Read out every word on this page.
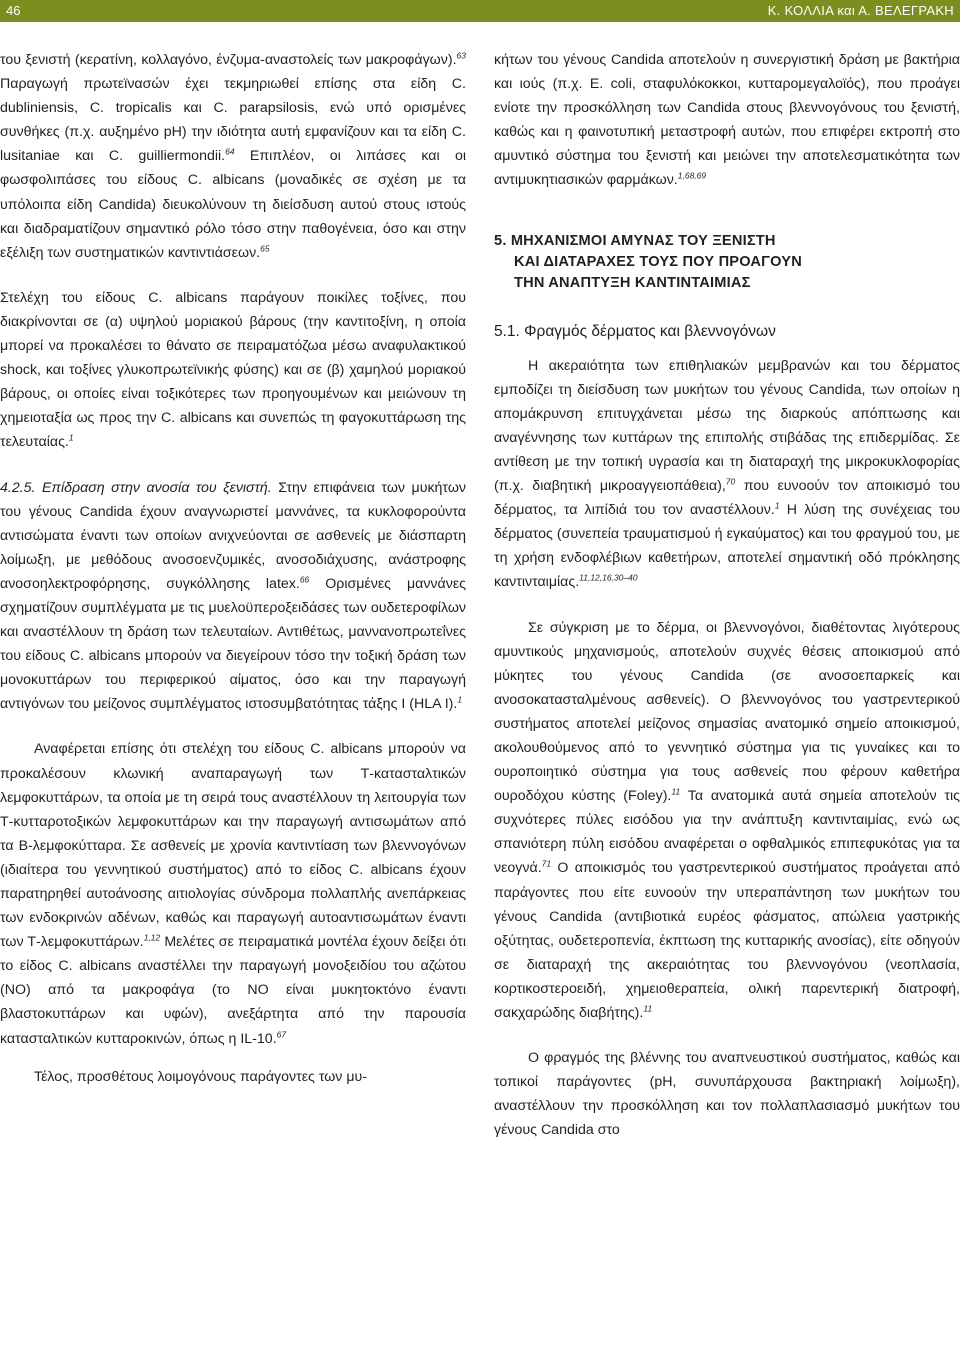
46	Κ. ΚΟΛΛΙΑ και Α. ΒΕΛΕΓΡΑΚΗ

του ξενιστή (κερατίνη, κολλαγόνο, ένζυμα-αναστολείς των μακροφάγων).$^{63}$ Παραγωγή πρωτεϊνασών έχει τεκμηριωθεί επίσης στα είδη C. dubliniensis, C. tropicalis και C. parapsilosis, ενώ υπό ορισμένες συνθήκες (π.χ. αυξημένο pH) την ιδιότητα αυτή εμφανίζουν και τα είδη C. lusitaniae και C. guilliermondii.$^{64}$ Επιπλέον, οι λιπάσες και οι φωσφολιπάσες του είδους C. albicans (μοναδικές σε σχέση με τα υπόλοιπα είδη Candida) διευκολύνουν τη διείσδυση αυτού στους ιστούς και διαδραματίζουν σημαντικό ρόλο τόσο στην παθογένεια, όσο και στην εξέλιξη των συστηματικών καντιντιάσεων.$^{65}$

Στελέχη του είδους C. albicans παράγουν ποικίλες τοξίνες, που διακρίνονται σε (α) υψηλού μοριακού βάρους (την καντιτοξίνη, η οποία μπορεί να προκαλέσει το θάνατο σε πειραματόζωα μέσω αναφυλακτικού shock, και τοξίνες γλυκοπρωτεϊνικής φύσης) και σε (β) χαμηλού μοριακού βάρους, οι οποίες είναι τοξικότερες των προηγουμένων και μειώνουν τη χημειοταξία ως προς την C. albicans και συνεπώς τη φαγοκυττάρωση της τελευταίας.$^1$

4.2.5. Επίδραση στην ανοσία του ξενιστή. Στην επιφάνεια των μυκήτων του γένους Candida έχουν αναγνωριστεί μαννάνες, τα κυκλοφορούντα αντισώματα έναντι των οποίων ανιχνεύονται σε ασθενείς με διάσπαρτη λοίμωξη, με μεθόδους ανοσοενζυμικές, ανοσοδιάχυσης, ανάστροφης ανοσοηλεκτροφόρησης, συγκόλλησης latex.$^{66}$ Ορισμένες μαννάνες σχηματίζουν συμπλέγματα με τις μυελοϋπεροξειδάσες των ουδετεροφίλων και αναστέλλουν τη δράση των τελευταίων. Αντιθέτως, μαννανοπρωτεΐνες του είδους C. albicans μπορούν να διεγείρουν τόσο την τοξική δράση των μονοκυττάρων του περιφερικού αίματος, όσο και την παραγωγή αντιγόνων του μείζονος συμπλέγματος ιστοσυμβατότητας τάξης Ι (HLA I).$^1$

Αναφέρεται επίσης ότι στελέχη του είδους C. albicans μπορούν να προκαλέσουν κλωνική αναπαραγωγή των Τ-κατασταλτικών λεμφοκυττάρων, τα οποία με τη σειρά τους αναστέλλουν τη λειτουργία των Τ-κυτταροτοξικών λεμφοκυττάρων και την παραγωγή αντισωμάτων από τα Β-λεμφοκύτταρα. Σε ασθενείς με χρονία καντιντίαση των βλεννογόνων (ιδιαίτερα του γεννητικού συστήματος) από το είδος C. albicans έχουν παρατηρηθεί αυτοάνοσης αιτιολογίας σύνδρομα πολλαπλής ανεπάρκειας των ενδοκρινών αδένων, καθώς και παραγωγή αυτοαντισωμάτων έναντι των Τ-λεμφοκυττάρων.$^{1,12}$ Μελέτες σε πειραματικά μοντέλα έχουν δείξει ότι το είδος C. albicans αναστέλλει την παραγωγή μονοξειδίου του αζώτου (ΝΟ) από τα μακροφάγα (το ΝΟ είναι μυκητοκτόνο έναντι βλαστοκυττάρων και υφών), ανεξάρτητα από την παρουσία κατασταλτικών κυτταροκινών, όπως η IL-10.67

Τέλος, προσθέτους λοιμογόνους παράγοντες των μυ-

κήτων του γένους Candida αποτελούν η συνεργιστική δράση με βακτήρια και ιούς (π.χ. E. coli, σταφυλόκοκκοι, κυτταρομεγαλοϊός), που προάγει ενίοτε την προσκόλληση των Candida στους βλεννογόνους του ξενιστή, καθώς και η φαινοτυπική μεταστροφή αυτών, που επιφέρει εκτροπή στο αμυντικό σύστημα του ξενιστή και μειώνει την αποτελεσματικότητα των αντιμυκητιασικών φαρμάκων.$^{1,68,69}$

5. ΜΗΧΑΝΙΣΜΟΙ ΑΜΥΝΑΣ ΤΟΥ ΞΕΝΙΣΤΗ
ΚΑΙ ΔΙΑΤΑΡΑΧΕΣ ΤΟΥΣ ΠΟΥ ΠΡΟΑΓΟΥΝ
ΤΗΝ ΑΝΑΠΤΥΞΗ ΚΑΝΤΙΝΤΑΙΜΙΑΣ

5.1. Φραγμός δέρματος και βλεννογόνων

Η ακεραιότητα των επιθηλιακών μεμβρανών και του δέρματος εμποδίζει τη διείσδυση των μυκήτων του γένους Candida, των οποίων η απομάκρυνση επιτυγχάνεται μέσω της διαρκούς απόπτωσης και αναγέννησης των κυττάρων της επιπολής στιβάδας της επιδερμίδας. Σε αντίθεση με την τοπική υγρασία και τη διαταραχή της μικροκυκλοφορίας (π.χ. διαβητική μικροαγγειοπάθεια),$^{70}$ που ευνοούν τον αποικισμό του δέρματος, τα λιπίδιά του τον αναστέλλουν.$^1$ Η λύση της συνέχειας του δέρματος (συνεπεία τραυματισμού ή εγκαύματος) και του φραγμού του, με τη χρήση ενδοφλέβιων καθετήρων, αποτελεί σημαντική οδό πρόκλησης καντινταιμίας.$^{11,12,16,30-40}$

Σε σύγκριση με το δέρμα, οι βλεννογόνοι, διαθέτοντας λιγότερους αμυντικούς μηχανισμούς, αποτελούν συχνές θέσεις αποικισμού από μύκητες του γένους Candida (σε ανοσοεπαρκείς και ανοσοκατασταλμένους ασθενείς). Ο βλεννογόνος του γαστρεντερικού συστήματος αποτελεί μείζονος σημασίας ανατομικό σημείο αποικισμού, ακολουθούμενος από το γεννητικό σύστημα για τις γυναίκες και το ουροποιητικό σύστημα για τους ασθενείς που φέρουν καθετήρα ουροδόχου κύστης (Foley).$^{11}$ Τα ανατομικά αυτά σημεία αποτελούν τις συχνότερες πύλες εισόδου για την ανάπτυξη καντινταιμίας, ενώ ως σπανιότερη πύλη εισόδου αναφέρεται ο οφθαλμικός επιπεφυκότας για τα νεογνά.$^{71}$ Ο αποικισμός του γαστρεντερικού συστήματος προάγεται από παράγοντες που είτε ευνοούν την υπεραπάντηση των μυκήτων του γένους Candida (αντιβιοτικά ευρέος φάσματος, απώλεια γαστρικής οξύτητας, ουδετεροπενία, έκπτωση της κυτταρικής ανοσίας), είτε οδηγούν σε διαταραχή της ακεραιότητας του βλεννογόνου (νεοπλασία, κορτικοστεροειδή, χημειοθεραπεία, ολική παρεντερική διατροφή, σακχαρώδης διαβήτης).$^{11}$

Ο φραγμός της βλέννης του αναπνευστικού συστήματος, καθώς και τοπικοί παράγοντες (pH, συνυπάρχουσα βακτηριακή λοίμωξη), αναστέλλουν την προσκόλληση και τον πολλαπλασιασμό μυκήτων του γένους Candida στο
